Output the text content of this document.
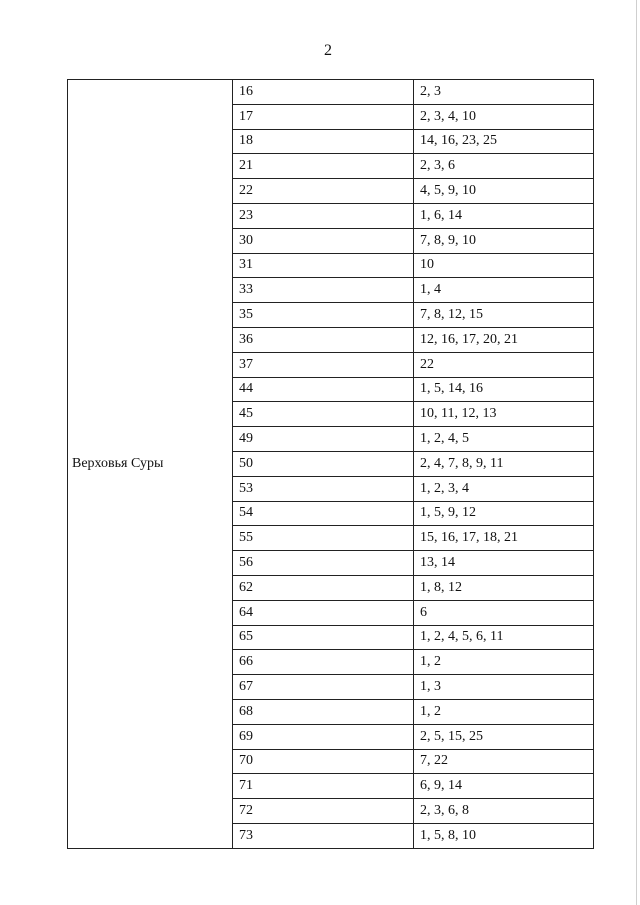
2
Верховья Суры	16	2, 3
	17	2, 3, 4, 10
	18	14, 16, 23, 25
	21	2, 3, 6
	22	4, 5, 9, 10
	23	1, 6, 14
	30	7, 8, 9, 10
	31	10
	33	1, 4
	35	7, 8, 12, 15
	36	12, 16, 17, 20, 21
	37	22
	44	1, 5, 14, 16
	45	10, 11, 12, 13
	49	1, 2, 4, 5
	50	2, 4, 7, 8, 9, 11
	53	1, 2, 3, 4
	54	1, 5, 9, 12
	55	15, 16, 17, 18, 21
	56	13, 14
	62	1, 8, 12
	64	6
	65	1, 2, 4, 5, 6, 11
	66	1, 2
	67	1, 3
	68	1, 2
	69	2, 5, 15, 25
	70	7, 22
	71	6, 9, 14
	72	2, 3, 6, 8
	73	1, 5, 8, 10
